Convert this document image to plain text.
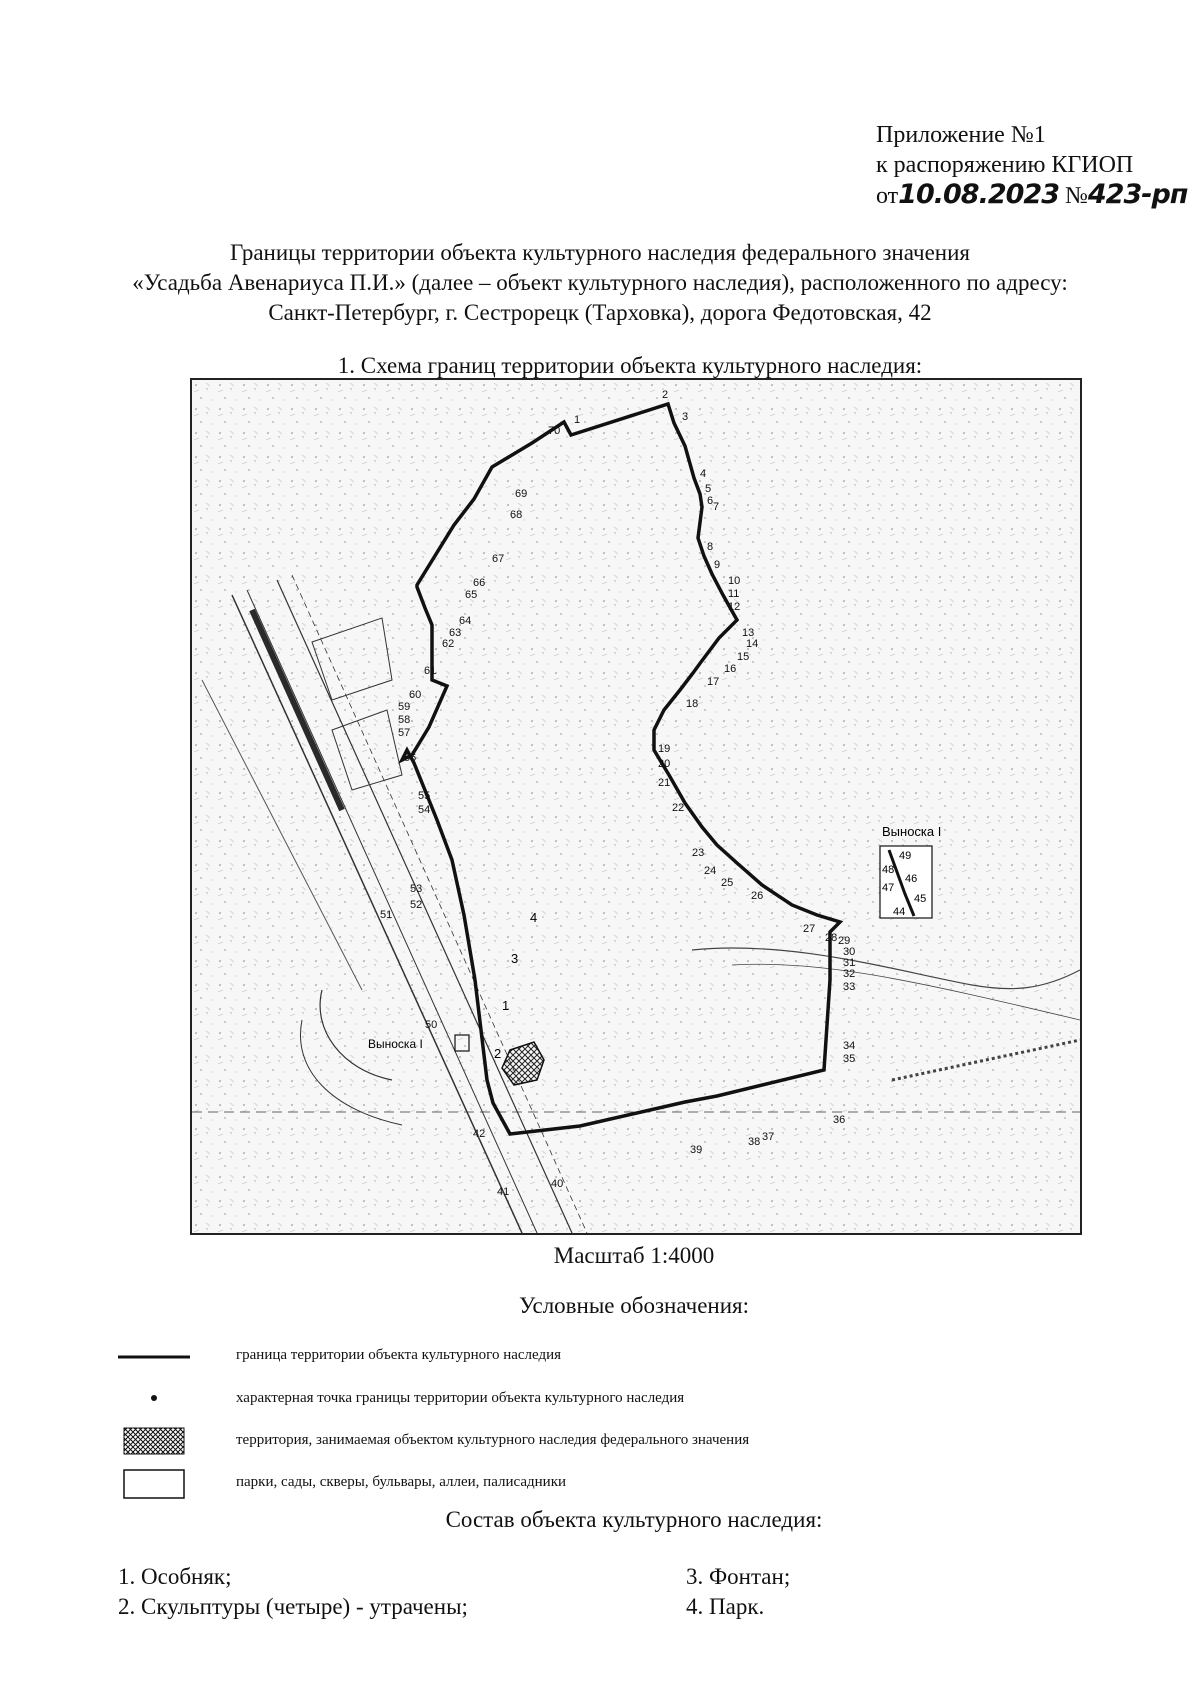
Приложение №1
к распоряжению КГИОП
от10.08.2023 №423-рп
Границы территории объекта культурного наследия федерального значения
«Усадьба Авенариуса П.И.» (далее – объект культурного наследия), расположенного по адресу:
Санкт-Петербург, г. Сестрорецк (Тарховка), дорога Федотовская, 42
1. Схема границ территории объекта культурного наследия:
3
4
2
1
Выноска I
1
2
3
4
5
6 7
8
9
10
11
12
13
14
15
16
17
18
19
20
21
22
23
24
25
26
27
28 29
30
31
32
33
34
35
36
37
38
39
40
41
42
50
51
52
53
54
55
56
57
58
59
60
61
62
63
64
65
66
67
68
69
70
Выноска I
49
48
46
47
45
44
Масштаб 1:4000
Условные обозначения:
граница территории объекта культурного наследия
характерная точка границы территории объекта культурного наследия
территория, занимаемая объектом культурного наследия федерального значения
парки, сады, скверы, бульвары, аллеи, палисадники
Состав объекта культурного наследия:
1. Особняк;
2. Скульптуры (четыре) - утрачены;
3. Фонтан;
4. Парк.
